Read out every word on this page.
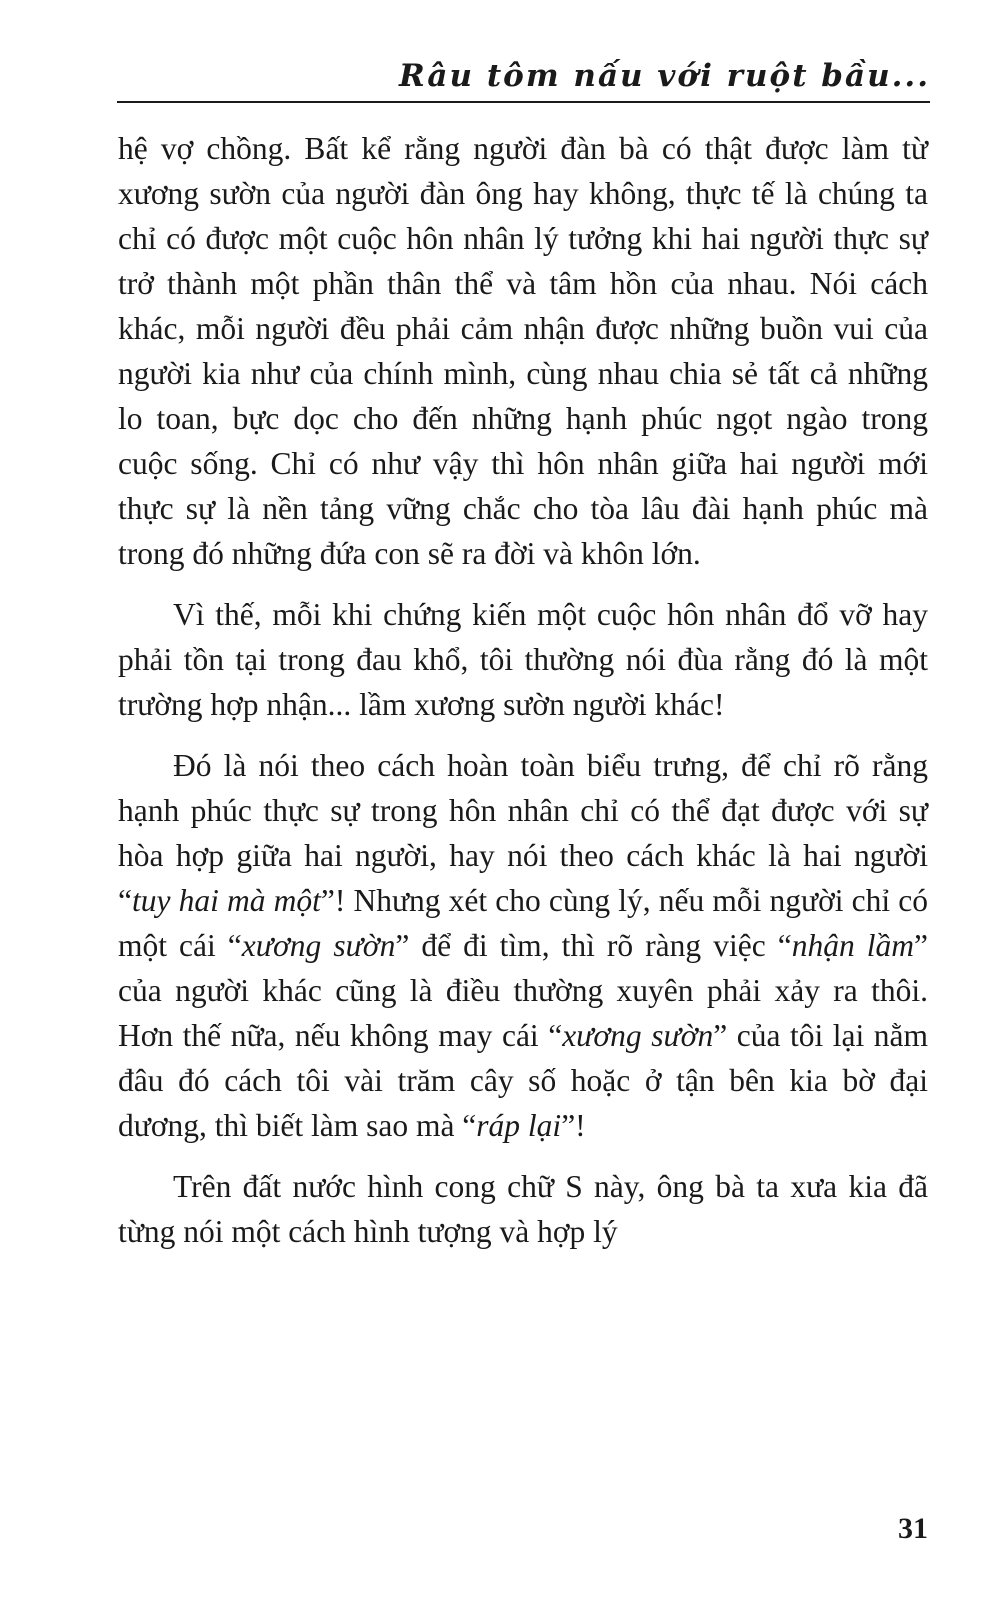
Râu tôm nấu với ruột bầu...

hệ vợ chồng. Bất kể rằng người đàn bà có thật được làm từ xương sườn của người đàn ông hay không, thực tế là chúng ta chỉ có được một cuộc hôn nhân lý tưởng khi hai người thực sự trở thành một phần thân thể và tâm hồn của nhau. Nói cách khác, mỗi người đều phải cảm nhận được những buồn vui của người kia như của chính mình, cùng nhau chia sẻ tất cả những lo toan, bực dọc cho đến những hạnh phúc ngọt ngào trong cuộc sống. Chỉ có như vậy thì hôn nhân giữa hai người mới thực sự là nền tảng vững chắc cho tòa lâu đài hạnh phúc mà trong đó những đứa con sẽ ra đời và khôn lớn.

Vì thế, mỗi khi chứng kiến một cuộc hôn nhân đổ vỡ hay phải tồn tại trong đau khổ, tôi thường nói đùa rằng đó là một trường hợp nhận... lầm xương sườn người khác!

Đó là nói theo cách hoàn toàn biểu trưng, để chỉ rõ rằng hạnh phúc thực sự trong hôn nhân chỉ có thể đạt được với sự hòa hợp giữa hai người, hay nói theo cách khác là hai người “tuy hai mà một”! Nhưng xét cho cùng lý, nếu mỗi người chỉ có một cái “xương sườn” để đi tìm, thì rõ ràng việc “nhận lầm” của người khác cũng là điều thường xuyên phải xảy ra thôi. Hơn thế nữa, nếu không may cái “xương sườn” của tôi lại nằm đâu đó cách tôi vài trăm cây số hoặc ở tận bên kia bờ đại dương, thì biết làm sao mà “ráp lại”!

Trên đất nước hình cong chữ S này, ông bà ta xưa kia đã từng nói một cách hình tượng và hợp lý

31
